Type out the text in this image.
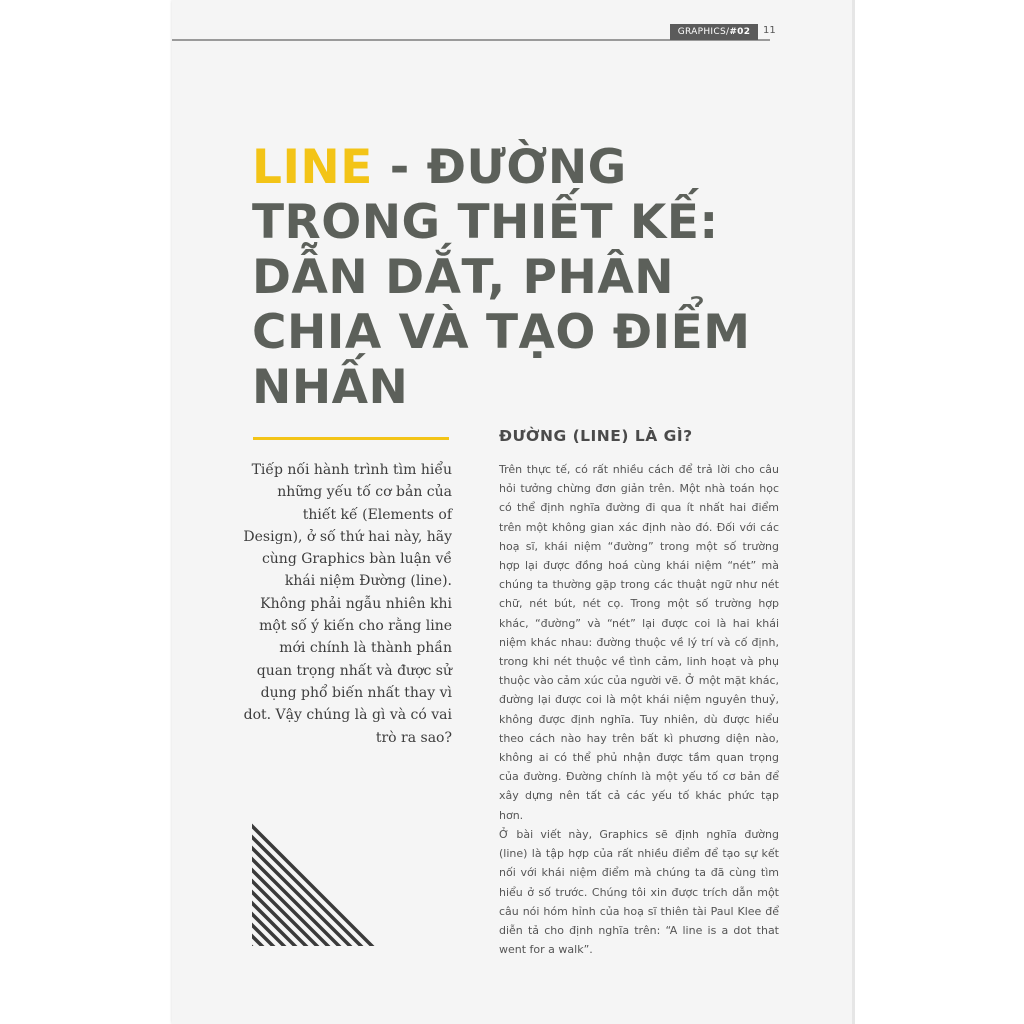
GRAPHICS/ #02 11
LINE - ĐƯỜNG TRONG THIẾT KẾ: DẪN DẮT, PHÂN CHIA VÀ TẠO ĐIỂM NHẤN
Tiếp nối hành trình tìm hiểu những yếu tố cơ bản của thiết kế (Elements of Design), ở số thứ hai này, hãy cùng Graphics bàn luận về khái niệm Đường (line). Không phải ngẫu nhiên khi một số ý kiến cho rằng line mới chính là thành phần quan trọng nhất và được sử dụng phổ biến nhất thay vì dot. Vậy chúng là gì và có vai trò ra sao?
ĐƯỜNG (LINE) LÀ GÌ?
Trên thực tế, có rất nhiều cách để trả lời cho câu hỏi tưởng chừng đơn giản trên. Một nhà toán học có thể định nghĩa đường đi qua ít nhất hai điểm trên một không gian xác định nào đó. Đối với các hoạ sĩ, khái niệm “đường” trong một số trường hợp lại được đồng hoá cùng khái niệm “nét” mà chúng ta thường gặp trong các thuật ngữ như nét chữ, nét bút, nét cọ. Trong một số trường hợp khác, “đường” và “nét” lại được coi là hai khái niệm khác nhau: đường thuộc về lý trí và cố định, trong khi nét thuộc về tình cảm, linh hoạt và phụ thuộc vào cảm xúc của người vẽ. Ở một mặt khác, đường lại được coi là một khái niệm nguyên thuỷ, không được định nghĩa. Tuy nhiên, dù được hiểu theo cách nào hay trên bất kì phương diện nào, không ai có thể phủ nhận được tầm quan trọng của đường. Đường chính là một yếu tố cơ bản để xây dựng nên tất cả các yếu tố khác phức tạp hơn.
Ở bài viết này, Graphics sẽ định nghĩa đường (line) là tập hợp của rất nhiều điểm để tạo sự kết nối với khái niệm điểm mà chúng ta đã cùng tìm hiểu ở số trước. Chúng tôi xin được trích dẫn một câu nói hóm hỉnh của hoạ sĩ thiên tài Paul Klee để diễn tả cho định nghĩa trên: “A line is a dot that went for a walk”.
